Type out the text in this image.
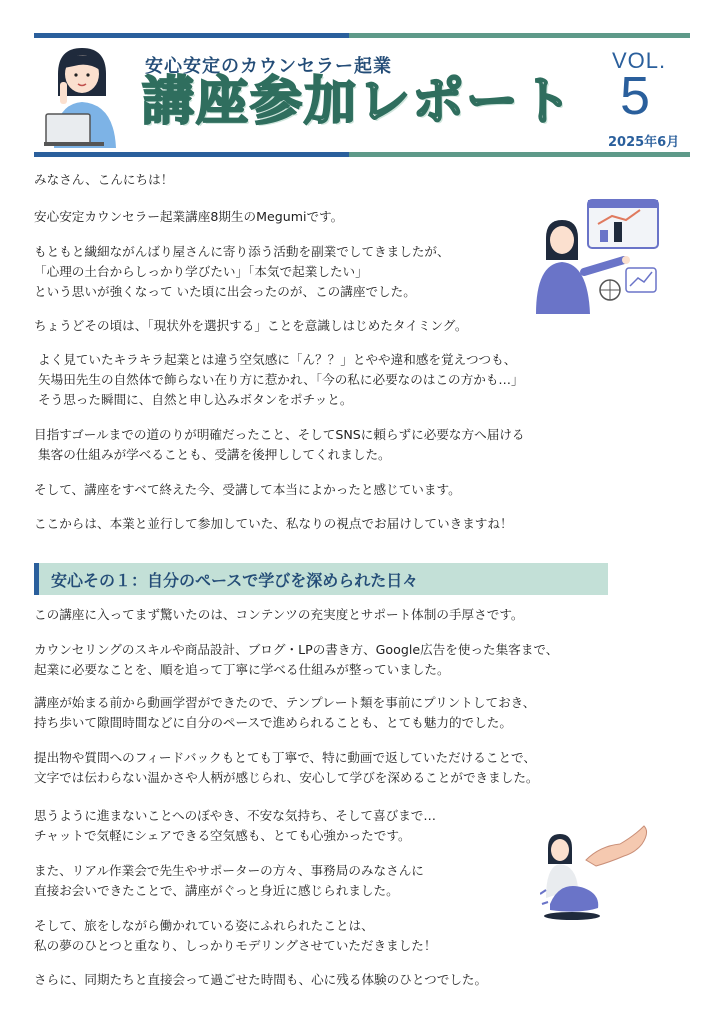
安心安定のカウンセラー起業
講座参加レポート
VOL.
5
2025年6月

みなさん、こんにちは！

安心安定カウンセラー起業講座8期生のMegumiです。

もともと繊細ながんばり屋さんに寄り添う活動を副業でしてきましたが、
「心理の土台からしっかり学びたい」「本気で起業したい」
という思いが強くなって いた頃に出会ったのが、この講座でした。

ちょうどその頃は、「現状外を選択する」ことを意識しはじめたタイミング。

よく見ていたキラキラ起業とは違う空気感に「ん？？」とやや違和感を覚えつつも、
矢場田先生の自然体で飾らない在り方に惹かれ、「今の私に必要なのはこの方かも…」
そう思った瞬間に、自然と申し込みボタンをポチッと。

目指すゴールまでの道のりが明確だったこと、そしてSNSに頼らずに必要な方へ届ける
集客の仕組みが学べることも、受講を後押ししてくれました。

そして、講座をすべて終えた今、受講して本当によかったと感じています。

ここからは、本業と並行して参加していた、私なりの視点でお届けしていきますね！

安心その１：自分のペースで学びを深められた日々

この講座に入ってまず驚いたのは、コンテンツの充実度とサポート体制の手厚さです。

カウンセリングのスキルや商品設計、ブログ・LPの書き方、Google広告を使った集客まで、
起業に必要なことを、順を追って丁寧に学べる仕組みが整っていました。

講座が始まる前から動画学習ができたので、テンプレート類を事前にプリントしておき、
持ち歩いて隙間時間などに自分のペースで進められることも、とても魅力的でした。

提出物や質問へのフィードバックもとても丁寧で、特に動画で返していただけることで、
文字では伝わらない温かさや人柄が感じられ、安心して学びを深めることができました。

思うように進まないことへのぼやき、不安な気持ち、そして喜びまで…
チャットで気軽にシェアできる空気感も、とても心強かったです。

また、リアル作業会で先生やサポーターの方々、事務局のみなさんに
直接お会いできたことで、講座がぐっと身近に感じられました。

そして、旅をしながら働かれている姿にふれられたことは、
私の夢のひとつと重なり、しっかりモデリングさせていただきました！

さらに、同期たちと直接会って過ごせた時間も、心に残る体験のひとつでした。
